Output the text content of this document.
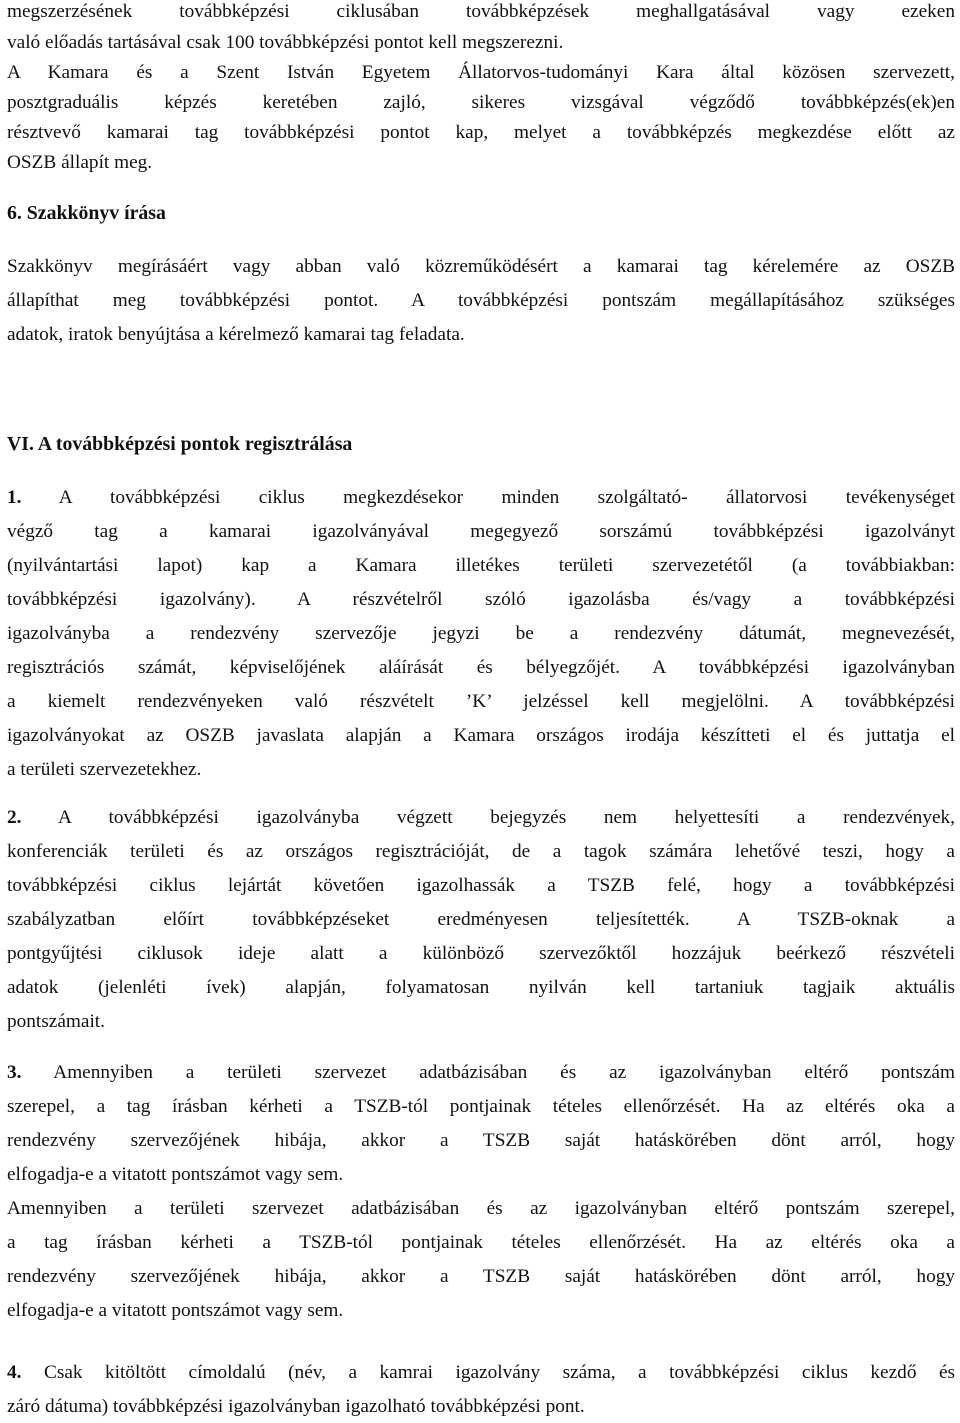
megszerzésének továbbképzési ciklusában továbbképzések meghallgatásával vagy ezeken

való előadás tartásával csak 100 továbbképzési pontot kell megszerezni.

A Kamara és a Szent István Egyetem Állatorvos-tudományi Kara által közösen szervezett,

posztgraduális képzés keretében zajló, sikeres vizsgával végződő továbbképzés(ek)en

résztvevő kamarai tag továbbképzési pontot kap, melyet a továbbképzés megkezdése előtt az

OSZB állapít meg.

6. Szakkönyv írása

Szakkönyv megírásáért vagy abban való közreműködésért a kamarai tag kérelemére az OSZB

állapíthat meg továbbképzési pontot. A továbbképzési pontszám megállapításához szükséges

adatok, iratok benyújtása a kérelmező kamarai tag feladata.

VI. A továbbképzési pontok regisztrálása

1. A továbbképzési ciklus megkezdésekor minden szolgáltató- állatorvosi tevékenységet

végző tag a kamarai igazolványával megegyező sorszámú továbbképzési igazolványt

(nyilvántartási lapot) kap a Kamara illetékes területi szervezetétől (a továbbiakban:

továbbképzési igazolvány). A részvételről szóló igazolásba és/vagy a továbbképzési

igazolványba a rendezvény szervezője jegyzi be a rendezvény dátumát, megnevezését,

regisztrációs számát, képviselőjének aláírását és bélyegzőjét. A továbbképzési igazolványban

a kiemelt rendezvényeken való részvételt ’K’ jelzéssel kell megjelölni. A továbbképzési

igazolványokat az OSZB javaslata alapján a Kamara országos irodája készítteti el és juttatja el

a területi szervezetekhez.

2. A továbbképzési igazolványba végzett bejegyzés nem helyettesíti a rendezvények,

konferenciák területi és az országos regisztrációját, de a tagok számára lehetővé teszi, hogy a

továbbképzési ciklus lejártát követően igazolhassák a TSZB felé, hogy a továbbképzési

szabályzatban előírt továbbképzéseket eredményesen teljesítették. A TSZB-oknak a

pontgyűjtési ciklusok ideje alatt a különböző szervezőktől hozzájuk beérkező részvételi

adatok (jelenléti ívek) alapján, folyamatosan nyilván kell tartaniuk tagjaik aktuális

pontszámait.

3. Amennyiben a területi szervezet adatbázisában és az igazolványban eltérő pontszám

szerepel, a tag írásban kérheti a TSZB-tól pontjainak tételes ellenőrzését. Ha az eltérés oka a

rendezvény szervezőjének hibája, akkor a TSZB saját hatáskörében dönt arról, hogy

elfogadja-e a vitatott pontszámot vagy sem.

Amennyiben a területi szervezet adatbázisában és az igazolványban eltérő pontszám szerepel,

a tag írásban kérheti a TSZB-tól pontjainak tételes ellenőrzését. Ha az eltérés oka a

rendezvény szervezőjének hibája, akkor a TSZB saját hatáskörében dönt arról, hogy

elfogadja-e a vitatott pontszámot vagy sem.

4. Csak kitöltött címoldalú (név, a kamrai igazolvány száma, a továbbképzési ciklus kezdő és

záró dátuma) továbbképzési igazolványban igazolható továbbképzési pont.
